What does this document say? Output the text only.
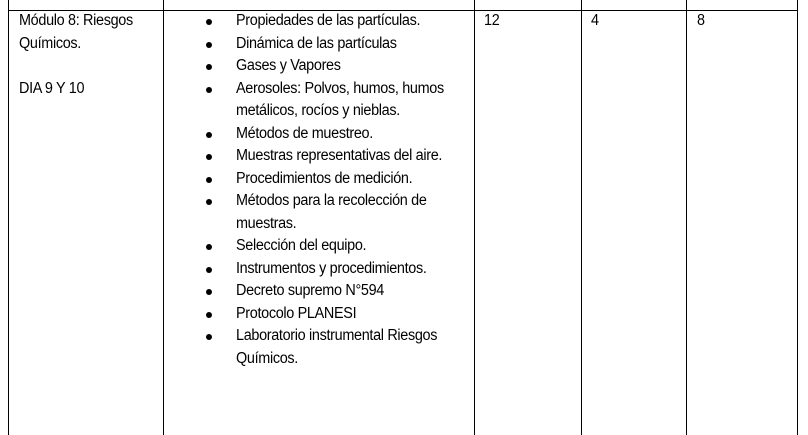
Módulo 8: Riesgos
Químicos.
DIA 9 Y 10
Propiedades de las partículas.
Dinámica de las partículas
Gases y Vapores
Aerosoles: Polvos, humos, humos metálicos, rocíos y nieblas.
Métodos de muestreo.
Muestras representativas del aire.
Procedimientos de medición.
Métodos para la recolección de muestras.
Selección del equipo.
Instrumentos y procedimientos.
Decreto supremo N°594
Protocolo PLANESI
Laboratorio instrumental Riesgos Químicos.
12	4	8
